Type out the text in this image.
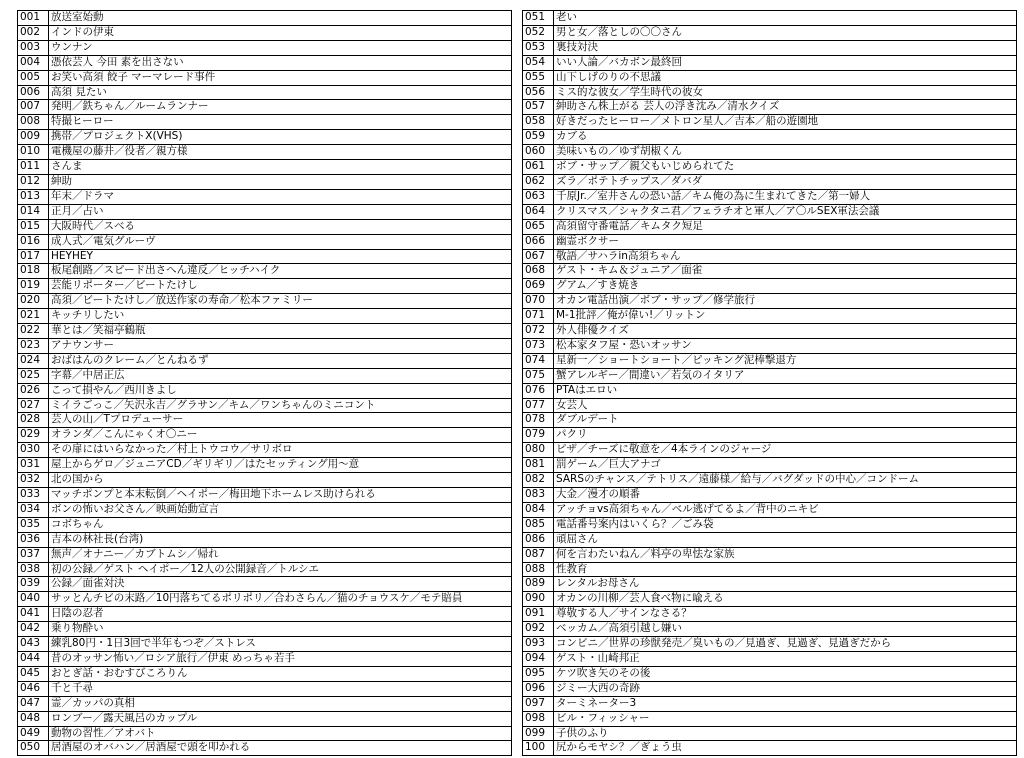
001	放送室始動
002	インドの伊東
003	ウンナン
004	憑依芸人 今田 素を出さない
005	お笑い高須 餃子 マーマレード事件
006	高須 見たい
007	発明／鉄ちゃん／ルームランナー
008	特撮ヒーロー
009	携帯／プロジェクトX(VHS)
010	電機屋の藤井／役者／親方様
011	さんま
012	紳助
013	年末／ドラマ
014	正月／占い
015	大阪時代／スベる
016	成人式／電気グルーヴ
017	HEYHEY
018	板尾創路／スピード出さへん違反／ヒッチハイク
019	芸能リポーター／ビートたけし
020	高須／ビートたけし／放送作家の寿命／松本ファミリー
021	キッチリしたい
022	華とは／笑福亭鶴瓶
023	アナウンサー
024	おばはんのクレーム／とんねるず
025	字幕／中居正広
026	こって損やん／西川きよし
027	ミイラごっこ／矢沢永吉／グラサン／キム／ワンちゃんのミニコント
028	芸人の山／Tプロデューサー
029	オランダ／こんにゃくオ〇ニー
030	その扉にはいらなかった／村上トウコウ／サリボロ
031	屋上からゲロ／ジュニアCD／ギリギリ／はたセッティング用〜意
032	北の国から
033	マッチポンプと本末転倒／ヘイポー／梅田地下ホームレス助けられる
034	ボンの怖いお父さん／映画始動宣言
035	コボちゃん
036	吉本の林社長(台湾)
037	無声／オナニー／カブトムシ／帰れ
038	初の公録／ゲスト ヘイポー／12人の公開録音／トルシエ
039	公録／面雀対決
040	サッとんチビの末路／10円落ちてるポリポリ／合わさらん／猫のチョウスケ／モテ賠員
041	日陰の忍者
042	乗り物酔い
043	練乳80円・1日3回で半年もつぞ／ストレス
044	昔のオッサン怖い／ロシア旅行／伊東 めっちゃ若手
045	おとぎ話・おむすびころりん
046	千と千尋
047	霊／カッパの真相
048	ロンブー／露天風呂のカップル
049	動物の習性／アオバト
050	居酒屋のオバハン／居酒屋で頭を叩かれる
051	老い
052	男と女／落としの〇〇さん
053	裏技対決
054	いい人論／バカボン最終回
055	山下しげのりの不思議
056	ミス的な彼女／学生時代の彼女
057	紳助さん株上がる 芸人の浮き沈み／清水クイズ
058	好きだったヒーロー／メトロン星人／吉本／船の遊園地
059	カブる
060	美味いもの／ゆず胡椒くん
061	ボブ・サップ／親父もいじめられてた
062	ズラ／ポテトチップス／ダバダ
063	千原Jr.／室井さんの恐い話／キム俺の為に生まれてきた／第一婦人
064	クリスマス／シャクタニ君／フェラチオと軍人／ア〇ルSEX軍法会議
065	高須留守番電話／キムタク短足
066	幽霊ボクサー
067	敬語／サハラin高須ちゃん
068	ゲスト・キム＆ジュニア／面雀
069	グアム／すき焼き
070	オカン電話出演／ボブ・サップ／修学旅行
071	M-1批評／俺が偉い!／リットン
072	外人俳優クイズ
073	松本家タフ屋・恐いオッサン
074	星新一／ショートショート／ピッキング泥棒撃退方
075	蟹アレルギー／間違い／若気のイタリア
076	PTAはエロい
077	女芸人
078	ダブルデート
079	パクリ
080	ピザ／チーズに敬意を／4本ラインのジャージ
081	罰ゲーム／巨大アナゴ
082	SARSのチャンス／テトリス／遠藤様／給与／バグダッドの中心／コンドーム
083	大金／漫才の順番
084	アッチョvs高須ちゃん／ベル逃げてるよ／背中のニキビ
085	電話番号案内はいくら？／ごみ袋
086	頑屈さん
087	何を言わたいねん／料亭の卑怯な家族
088	性教育
089	レンタルお母さん
090	オカンの川柳／芸人食べ物に喩える
091	尊敬する人／サインなさる？
092	ベッカム／高須引越し嫌い
093	コンビニ／世界の珍獣発売／臭いもの／見過ぎ、見過ぎ、見過ぎだから
094	ゲスト・山崎邦正
095	ケツ吹き矢のその後
096	ジミー大西の奇跡
097	ターミネーター3
098	ビル・フィッシャー
099	子供のふり
100	尻からモヤシ？／ぎょう虫
